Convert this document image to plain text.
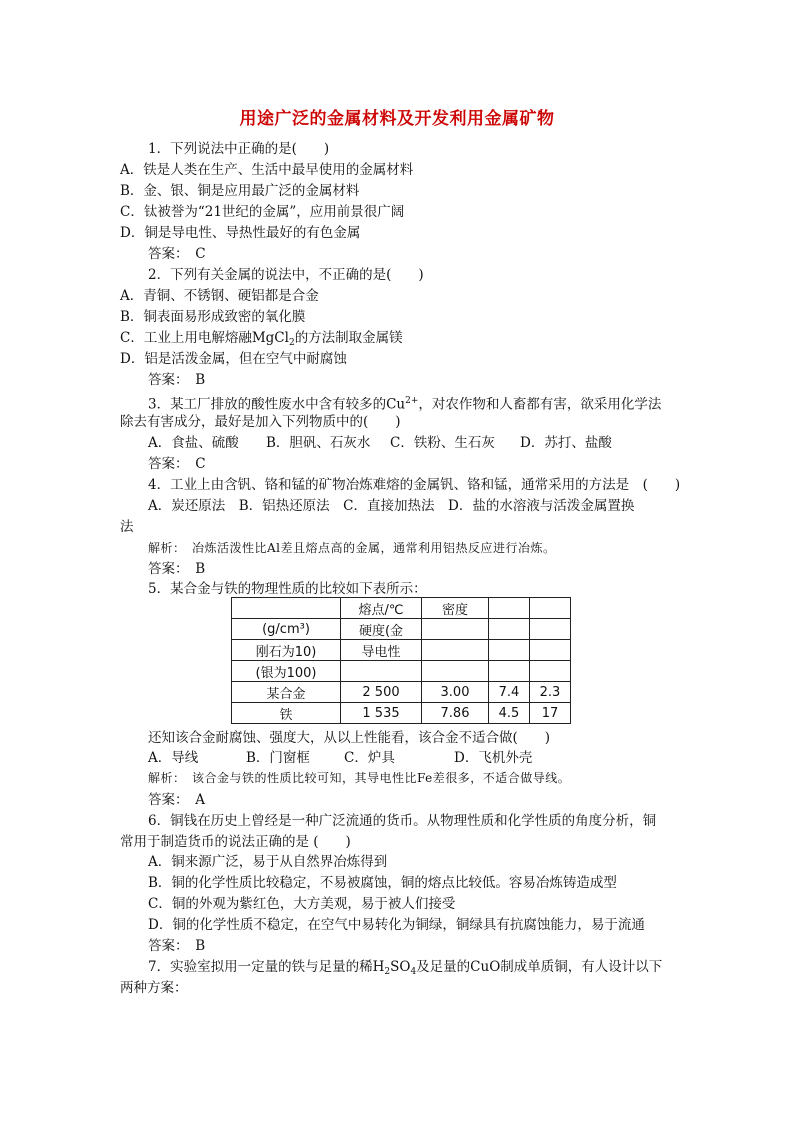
用途广泛的金属材料及开发利用金属矿物
1．下列说法中正确的是(　　)
A．铁是人类在生产、生活中最早使用的金属材料
B．金、银、铜是应用最广泛的金属材料
C．钛被誉为“21世纪的金属”，应用前景很广阔
D．铜是导电性、导热性最好的有色金属
答案：　C
2．下列有关金属的说法中，不正确的是(　　)
A．青铜、不锈钢、硬铝都是合金
B．铜表面易形成致密的氧化膜
C．工业上用电解熔融MgCl$_2$的方法制取金属镁
D．铝是活泼金属，但在空气中耐腐蚀
答案：　B
3．某工厂排放的酸性废水中含有较多的$Cu^{2+}$，对农作物和人畜都有害，欲采用化学法
除去有害成分，最好是加入下列物质中的(　　)
A．食盐、硫酸 B．胆矾、石灰水 C．铁粉、生石灰 D．苏打、盐酸
答案：　C
4．工业上由含钒、铬和锰的矿物冶炼难熔的金属钒、铬和锰，通常采用的方法是　(　　)
A．炭还原法　B．铝热还原法　C．直接加热法　D．盐的水溶液与活泼金属置换
法
解析：　冶炼活泼性比Al差且熔点高的金属，通常利用铝热反应进行冶炼。
答案：　B
5．某合金与铁的物理性质的比较如下表所示：
	熔点/℃	密度		
(g/cm³)	硬度(金			
刚石为10)	导电性			
(银为100)				
某合金	2 500	3.00	7.4	2.3
铁	1 535	7.86	4.5	17
还知该合金耐腐蚀、强度大，从以上性能看，该合金不适合做(　　)
A．导线	B．门窗框	C．炉具	D．飞机外壳
解析：　该合金与铁的性质比较可知，其导电性比Fe差很多，不适合做导线。
答案：　A
6．铜钱在历史上曾经是一种广泛流通的货币。从物理性质和化学性质的角度分析，铜
常用于制造货币的说法正确的是 (　　)
A．铜来源广泛，易于从自然界冶炼得到
B．铜的化学性质比较稳定，不易被腐蚀，铜的熔点比较低。容易冶炼铸造成型
C．铜的外观为紫红色，大方美观，易于被人们接受
D．铜的化学性质不稳定，在空气中易转化为铜绿，铜绿具有抗腐蚀能力，易于流通
答案：　B
7．实验室拟用一定量的铁与足量的稀$H_2SO_4$及足量的CuO制成单质铜，有人设计以下
两种方案：
